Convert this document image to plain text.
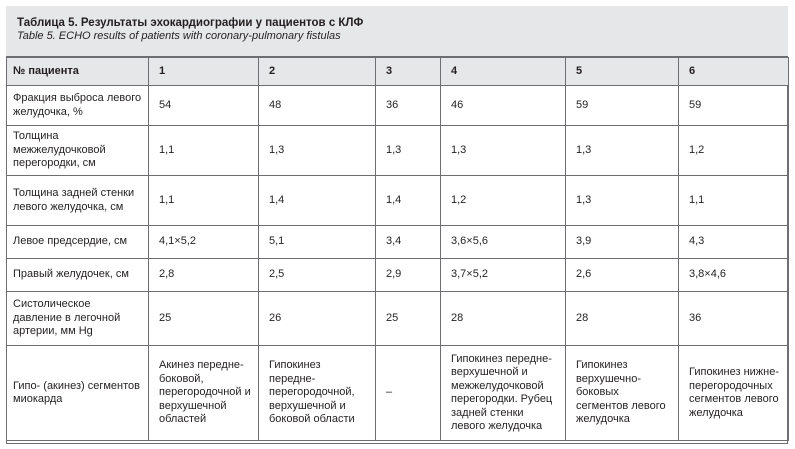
Таблица 5. Результаты эхокардиографии у пациентов с КЛФ
Table 5. ECHO results of patients with coronary-pulmonary fistulas
№ пациента	1	2	3	4	5	6
Фракция выброса левого желудочка, %	54	48	36	46	59	59
Толщина межжелудочковой перегородки, см	1,1	1,3	1,3	1,3	1,3	1,2
Толщина задней стенки левого желудочка, см	1,1	1,4	1,4	1,2	1,3	1,1
Левое предсердие, см	4,1×5,2	5,1	3,4	3,6×5,6	3,9	4,3
Правый желудочек, см	2,8	2,5	2,9	3,7×5,2	2,6	3,8×4,6
Систолическое давление в легочной артерии, мм Hg	25	26	25	28	28	36
Гипо- (акинез) сегментов миокарда	Акинез передне-боковой, перегородочной и верхушечной областей	Гипокинез передне-перегородочной, верхушечной и боковой области	–	Гипокинез передне-верхушечной и межжелудочковой перегородки. Рубец задней стенки левого желудочка	Гипокинез верхушечно-боковых сегментов левого желудочка	Гипокинез нижне-перегородочных сегментов левого желудочка
